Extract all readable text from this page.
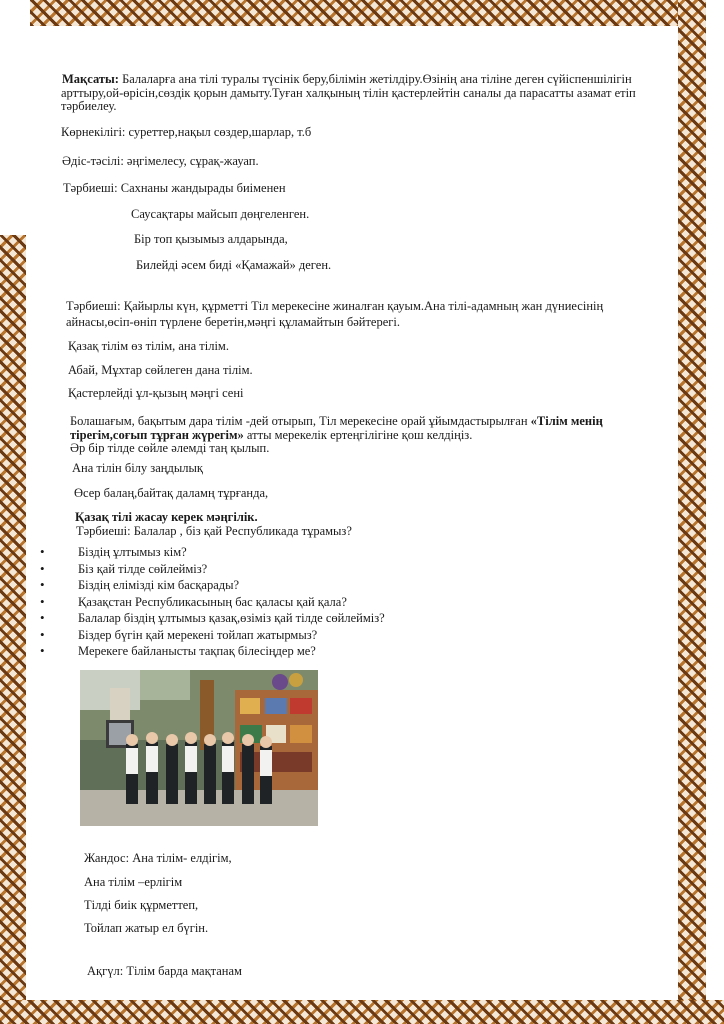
Мақсаты: Балаларға ана тілі туралы түсінік беру,білімін жетілдіру.Өзінің ана тіліне деген сүйіспеншілігін
арттыру,ой-өрісін,сөздік қорын дамыту.Туған халқының тілін қастерлейтін саналы да парасатты азамат етіп
тәрбиелеу.
Көрнекілігі: суреттер,нақыл сөздер,шарлар, т.б
Әдіс-тәсілі: әңгімелесу, сұрақ-жауап.
Тәрбиеші: Сахнаны жандырады биіменен
Саусақтары майсып дөңгеленген.
Бір топ қызымыз алдарында,
Билейді әсем биді «Қамажай» деген.
Тәрбиеші: Қайырлы күн, құрметті Тіл мерекесіне жиналған қауым.Ана тілі-адамның жан дүниесінің
айнасы,өсіп-өніп түрлене беретін,мәңгі құламайтын бәйтерегі.
Қазақ тілім өз тілім, ана тілім.
Абай, Мұхтар сөйлеген дана тілім.
Қастерлейді ұл-қызың мәңгі сені
Болашағым, бақытым дара тілім -дей отырып, Тіл мерекесіне орай ұйымдастырылған «Тілім менің
тірегім,соғып тұрған жүрегім» атты мерекелік ертеңгілігіне қош келдіңіз.
Әр бір тілде сөйле әлемді таң қылып.
Ана тілін білу заңдылық
Өсер балаң,байтақ даламң тұрғанда,
Қазақ тілі жасау керек мәңгілік.
Тәрбиеші: Балалар , біз қай Республикада тұрамыз?
• Біздің ұлтымыз кім?
• Біз қай тілде сөйлейміз?
• Біздің елімізді кім басқарады?
• Қазақстан Республикасының бас қаласы қай қала?
• Балалар біздің ұлтымыз қазақ,өзіміз қай тілде сөйлейміз?
• Біздер бүгін қай мерекені тойлап жатырмыз?
• Мерекеге байланысты тақпақ білесіңдер ме?
Жандос: Ана тілім- елдігім,
Ана тілім –ерлігім
Тілді биік құрметтеп,
Тойлап жатыр ел бүгін.
Ақгүл: Тілім барда мақтанам
